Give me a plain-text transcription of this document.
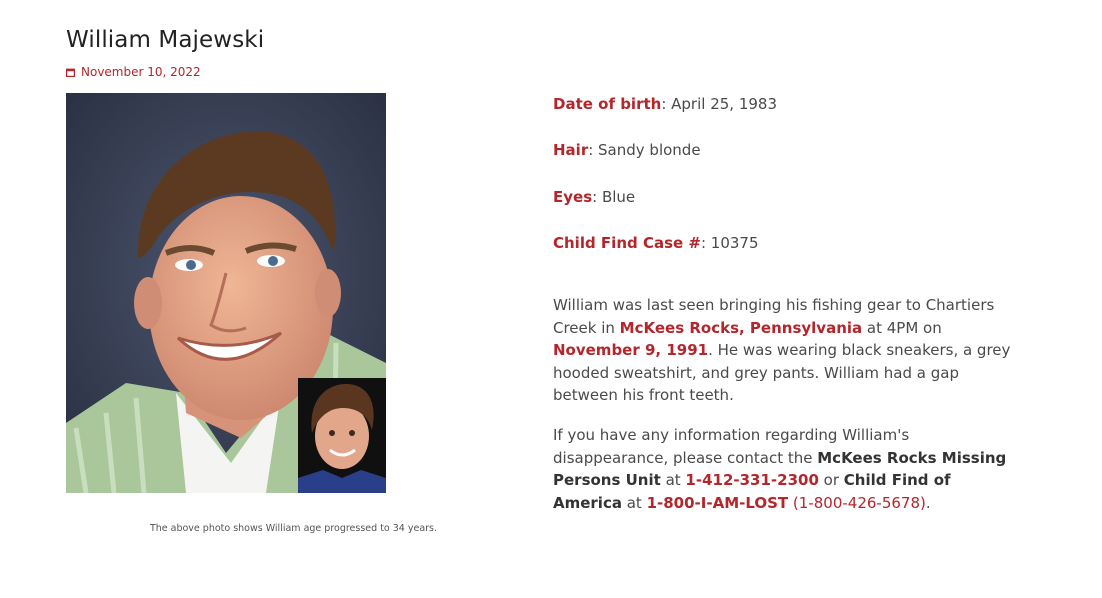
William Majewski
November 10, 2022
The above photo shows William age progressed to 34 years.
Date of birth: April 25, 1983
Hair: Sandy blonde
Eyes: Blue
Child Find Case #: 10375

William was last seen bringing his fishing gear to Chartiers Creek in McKees Rocks, Pennsylvania at 4PM on November 9, 1991. He was wearing black sneakers, a grey hooded sweatshirt, and grey pants. William had a gap between his front teeth.

If you have any information regarding William's disappearance, please contact the McKees Rocks Missing Persons Unit at 1-412-331-2300 or Child Find of America at 1-800-I-AM-LOST (1-800-426-5678).
